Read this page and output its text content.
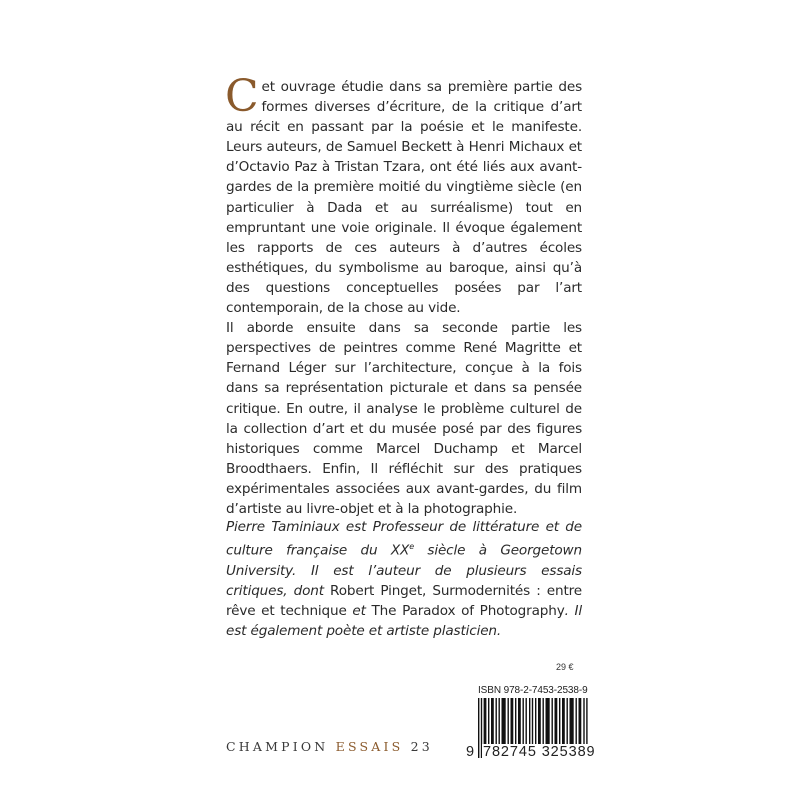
Cet ouvrage étudie dans sa première partie des formes diverses d’écriture, de la critique d’art au récit en passant par la poésie et le manifeste. Leurs auteurs, de Samuel Beckett à Henri Michaux et d’Octavio Paz à Tristan Tzara, ont été liés aux avant-gardes de la première moitié du vingtième siècle (en particulier à Dada et au surréalisme) tout en empruntant une voie originale. Il évoque également les rapports de ces auteurs à d’autres écoles esthétiques, du symbolisme au baroque, ainsi qu’à des questions conceptuelles posées par l’art contemporain, de la chose au vide.

Il aborde ensuite dans sa seconde partie les perspectives de peintres comme René Magritte et Fernand Léger sur l’architecture, conçue à la fois dans sa représentation picturale et dans sa pensée critique. En outre, il analyse le problème culturel de la collection d’art et du musée posé par des figures historiques comme Marcel Duchamp et Marcel Broodthaers. Enfin, Il réfléchit sur des pratiques expérimentales associées aux avant-gardes, du film d’artiste au livre-objet et à la photographie.

Pierre Taminiaux est Professeur de littérature et de culture française du XXe siècle à Georgetown University. Il est l’auteur de plusieurs essais critiques, dont Robert Pinget, Surmodernités : entre rêve et technique et The Paradox of Photography. Il est également poète et artiste plasticien.
29 €
ISBN 978-2-7453-2538-9
9 782745 325389
CHAMPION ESSAIS 23
